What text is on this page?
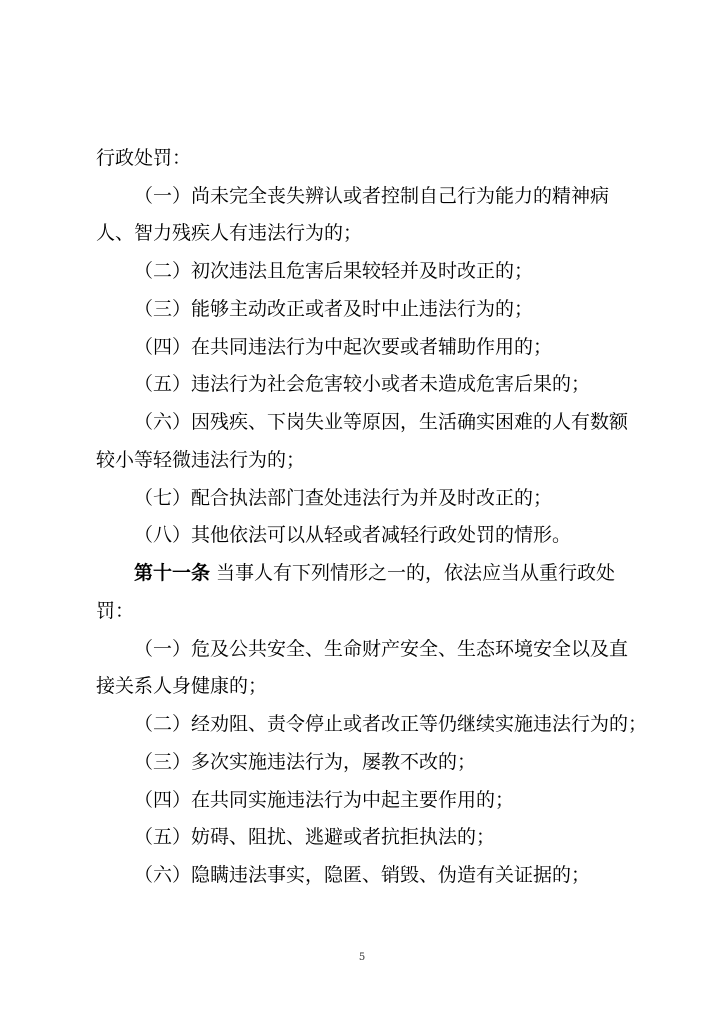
行政处罚：
（一）尚未完全丧失辨认或者控制自己行为能力的精神病
人、智力残疾人有违法行为的；
（二）初次违法且危害后果较轻并及时改正的；
（三）能够主动改正或者及时中止违法行为的；
（四）在共同违法行为中起次要或者辅助作用的；
（五）违法行为社会危害较小或者未造成危害后果的；
（六）因残疾、下岗失业等原因，生活确实困难的人有数额
较小等轻微违法行为的；
（七）配合执法部门查处违法行为并及时改正的；
（八）其他依法可以从轻或者减轻行政处罚的情形。
第十一条 当事人有下列情形之一的，依法应当从重行政处
罚：
（一）危及公共安全、生命财产安全、生态环境安全以及直
接关系人身健康的；
（二）经劝阻、责令停止或者改正等仍继续实施违法行为的；
（三）多次实施违法行为，屡教不改的；
（四）在共同实施违法行为中起主要作用的；
（五）妨碍、阻扰、逃避或者抗拒执法的；
（六）隐瞒违法事实，隐匿、销毁、伪造有关证据的；
5
